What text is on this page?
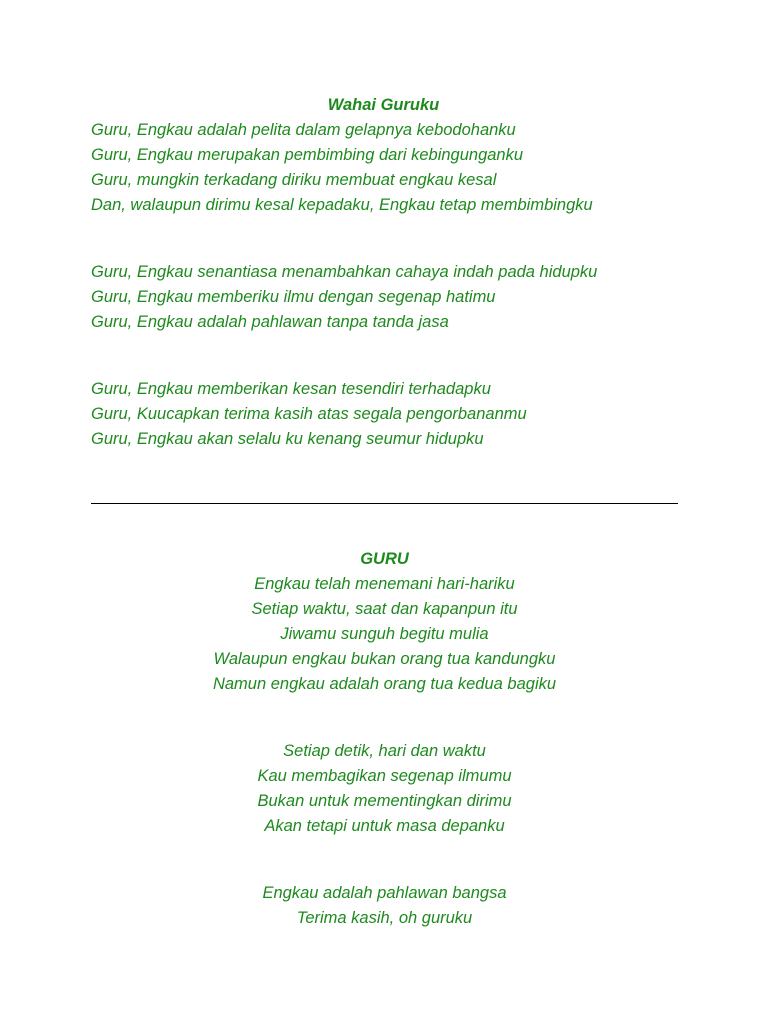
Wahai Guruku
Guru, Engkau adalah pelita dalam gelapnya kebodohanku
Guru, Engkau merupakan pembimbing dari kebingunganku
Guru, mungkin terkadang diriku membuat engkau kesal
Dan, walaupun dirimu kesal kepadaku, Engkau tetap membimbingku
Guru, Engkau senantiasa menambahkan cahaya indah pada hidupku
Guru, Engkau memberiku ilmu dengan segenap hatimu
Guru, Engkau adalah pahlawan tanpa tanda jasa
Guru, Engkau memberikan kesan tesendiri terhadapku
Guru, Kuucapkan terima kasih atas segala pengorbananmu
Guru, Engkau akan selalu ku kenang seumur hidupku
GURU
Engkau telah menemani hari-hariku
Setiap waktu, saat dan kapanpun itu
Jiwamu sunguh begitu mulia
Walaupun engkau bukan orang tua kandungku
Namun engkau adalah orang tua kedua bagiku
Setiap detik, hari dan waktu
Kau membagikan segenap ilmumu
Bukan untuk mementingkan dirimu
Akan tetapi untuk masa depanku
Engkau adalah pahlawan bangsa
Terima kasih, oh guruku
